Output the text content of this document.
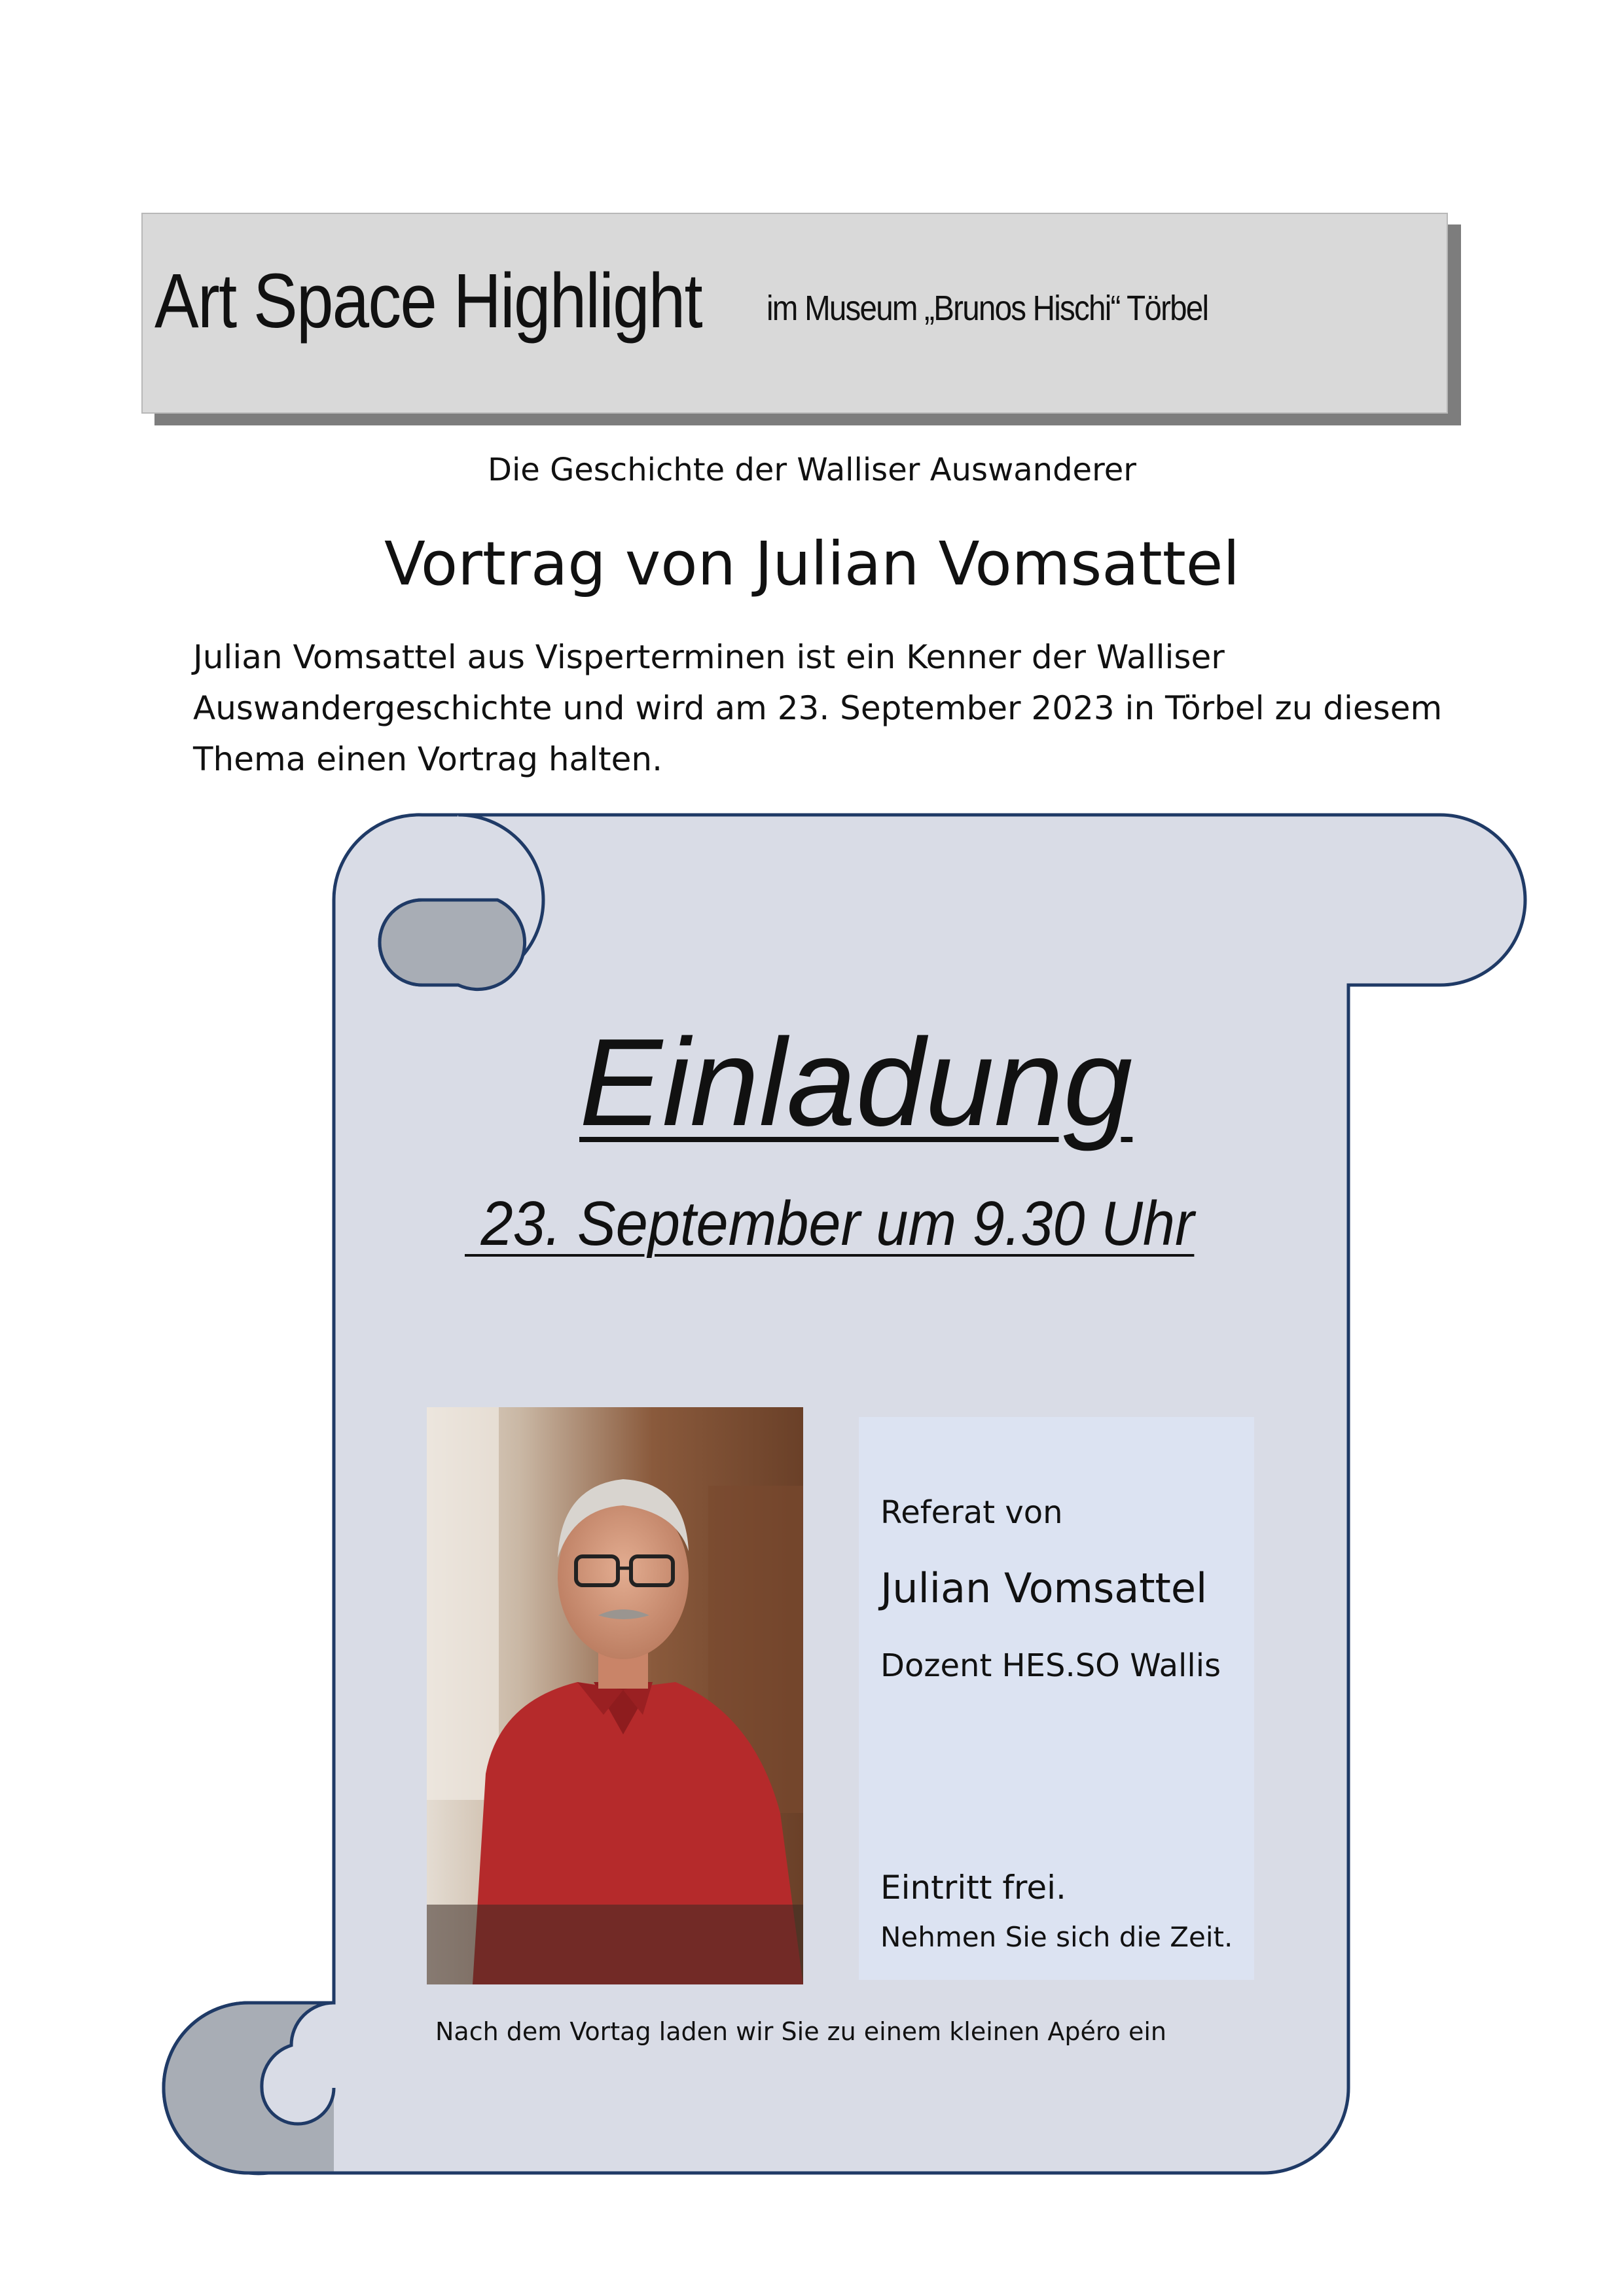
Art Space Highlight im Museum „Brunos Hischi“ Törbel
Die Geschichte der Walliser Auswanderer
Vortrag von Julian Vomsattel
Julian Vomsattel aus Visperterminen ist ein Kenner der Walliser
Auswandergeschichte und wird am 23. September 2023 in Törbel zu diesem
Thema einen Vortrag halten.
Einladung
23. September um 9.30 Uhr
Referat von
Julian Vomsattel
Dozent HES.SO Wallis
Eintritt frei.
Nehmen Sie sich die Zeit.
Nach dem Vortag laden wir Sie zu einem kleinen Apéro ein
